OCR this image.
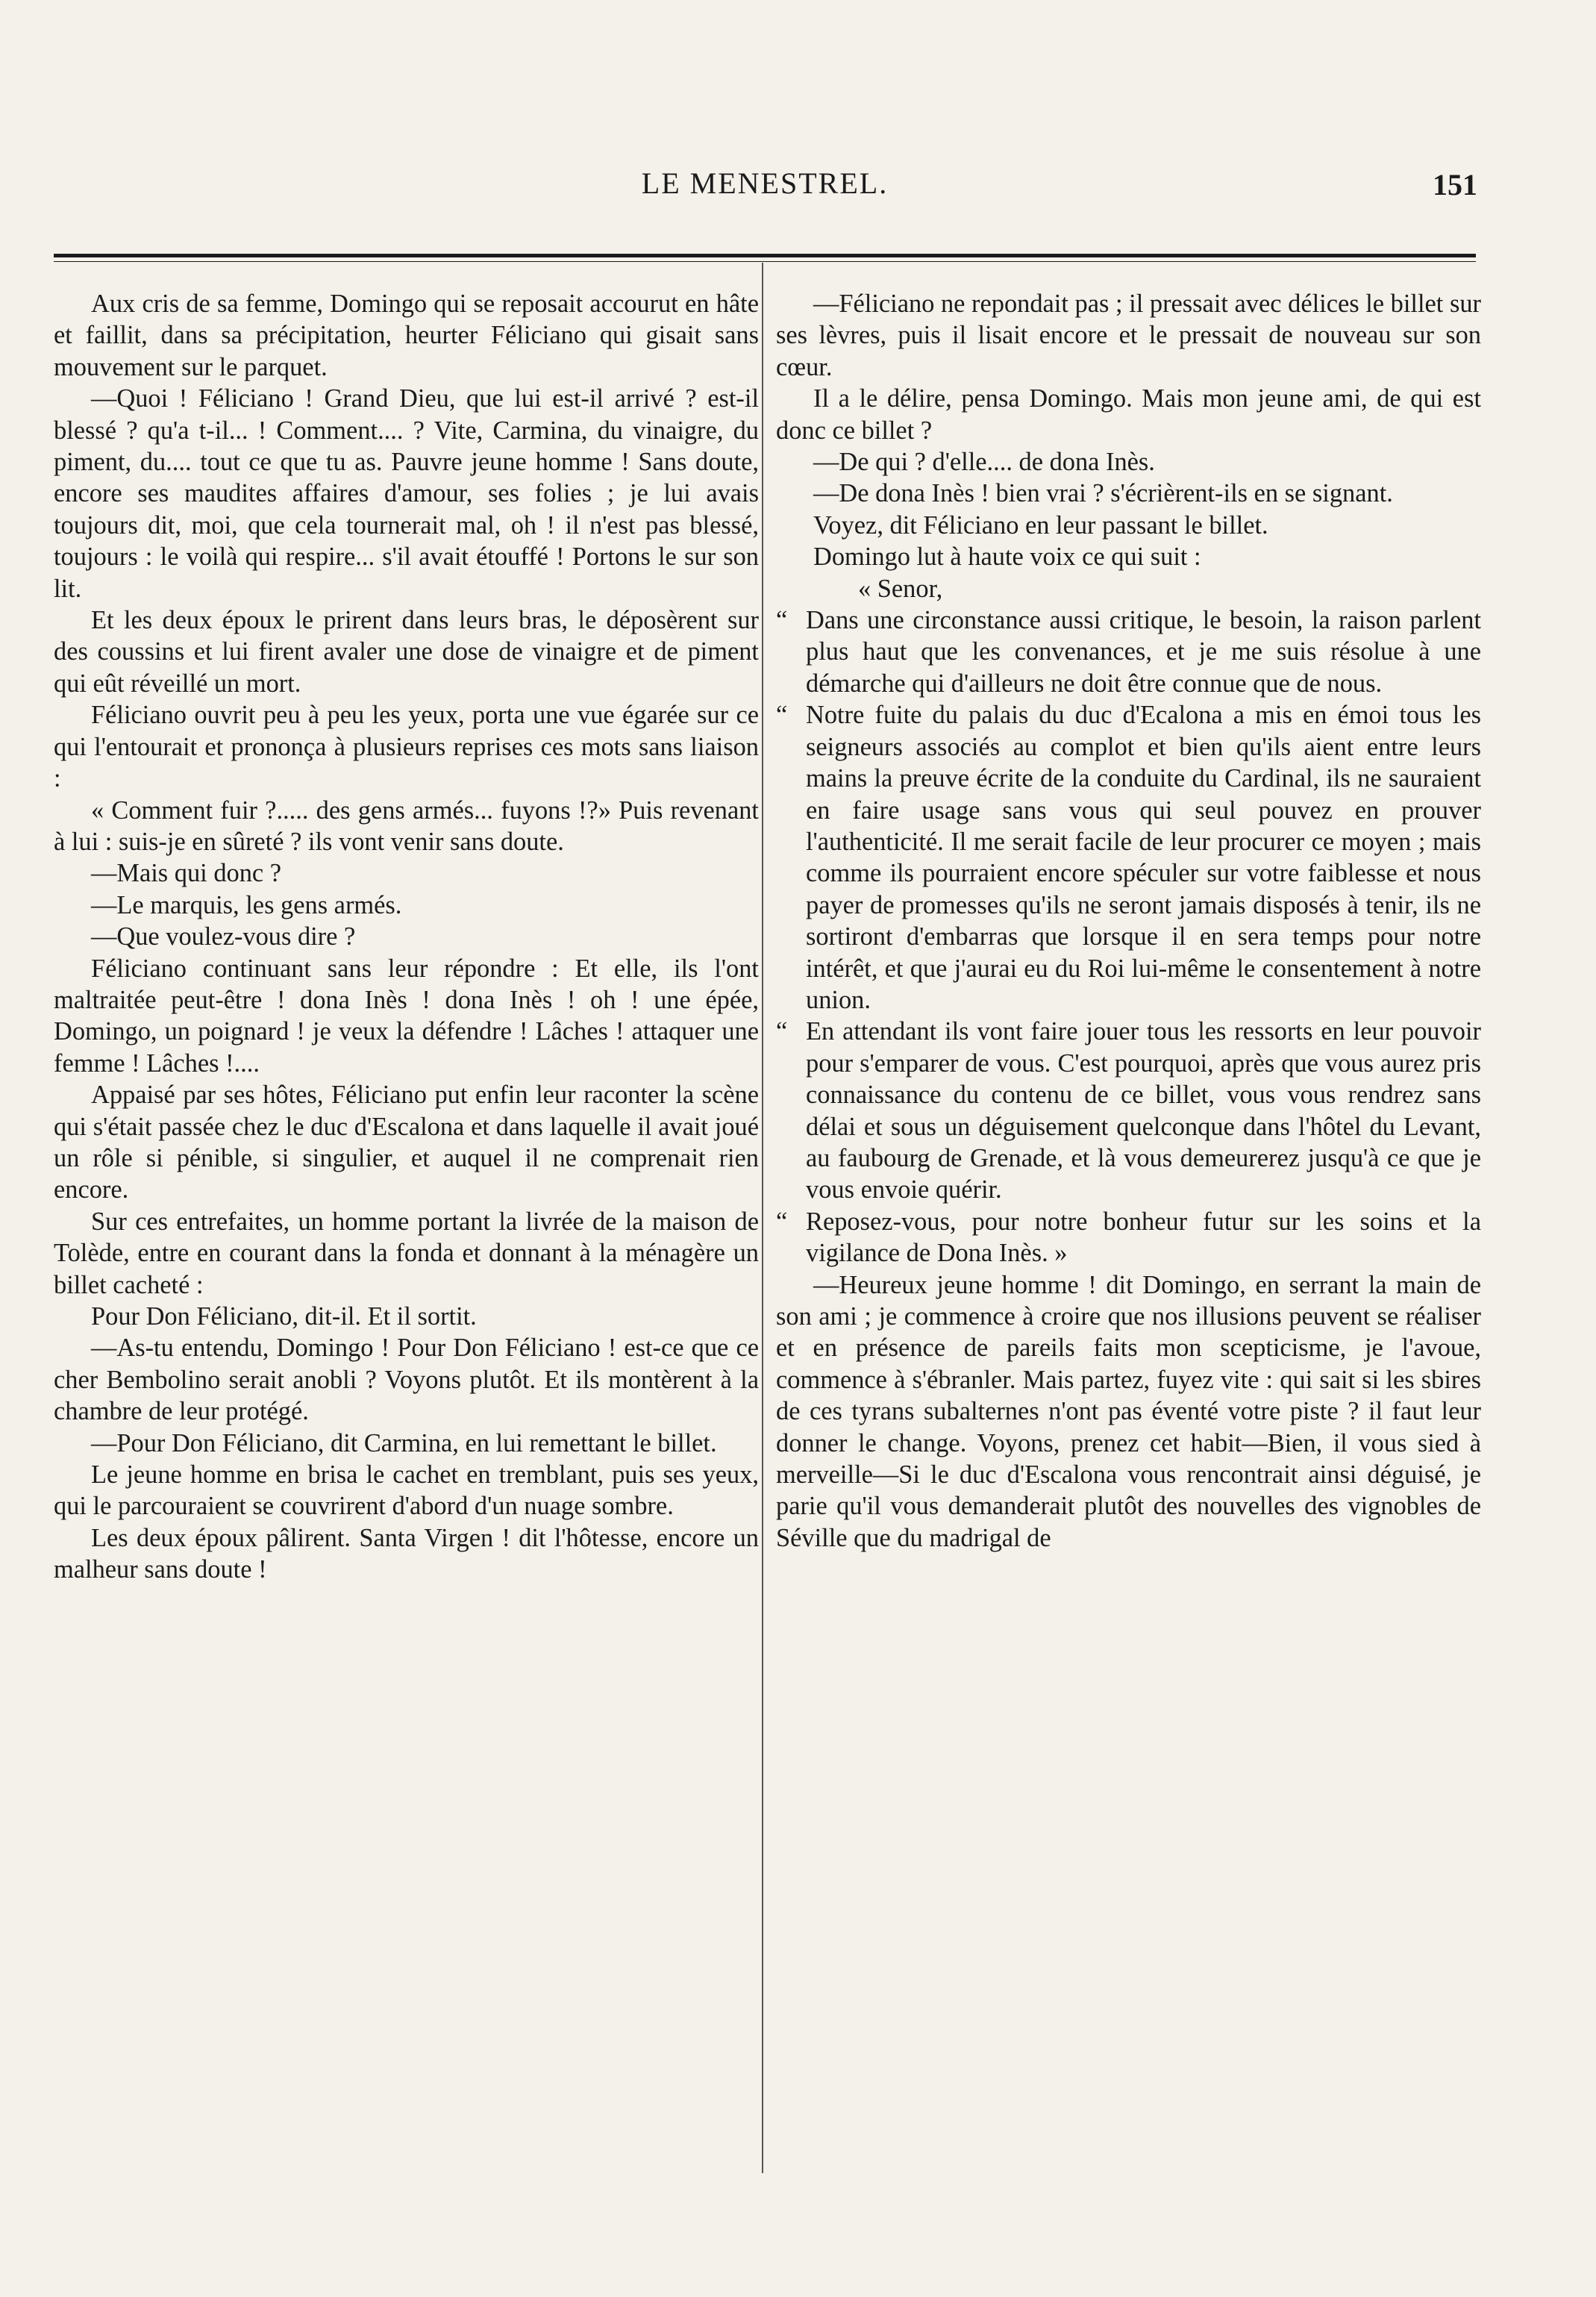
LE MENESTREL.	151

Aux cris de sa femme, Domingo qui se reposait accourut en hâte et faillit, dans sa précipitation, heurter Féliciano qui gisait sans mouvement sur le parquet.

—Quoi ! Féliciano ! Grand Dieu, que lui est-il arrivé ? est-il blessé ? qu'a t-il... ! Comment.... ? Vite, Carmina, du vinaigre, du piment, du.... tout ce que tu as. Pauvre jeune homme ! Sans doute, encore ses maudites affaires d'amour, ses folies ; je lui avais toujours dit, moi, que cela tournerait mal, oh ! il n'est pas blessé, toujours : le voilà qui respire... s'il avait étouffé ! Portons le sur son lit.

Et les deux époux le prirent dans leurs bras, le déposèrent sur des coussins et lui firent avaler une dose de vinaigre et de piment qui eût réveillé un mort.

Féliciano ouvrit peu à peu les yeux, porta une vue égarée sur ce qui l'entourait et prononça à plusieurs reprises ces mots sans liaison :

« Comment fuir ?..... des gens armés... fuyons !?» Puis revenant à lui : suis-je en sûreté ? ils vont venir sans doute.

—Mais qui donc ?

—Le marquis, les gens armés.

—Que voulez-vous dire ?

Féliciano continuant sans leur répondre : Et elle, ils l'ont maltraitée peut-être ! dona Inès ! dona Inès ! oh ! une épée, Domingo, un poignard ! je veux la défendre ! Lâches ! attaquer une femme ! Lâches !....

Appaisé par ses hôtes, Féliciano put enfin leur raconter la scène qui s'était passée chez le duc d'Escalona et dans laquelle il avait joué un rôle si pénible, si singulier, et auquel il ne comprenait rien encore.

Sur ces entrefaites, un homme portant la livrée de la maison de Tolède, entre en courant dans la fonda et donnant à la ménagère un billet cacheté :

Pour Don Féliciano, dit-il. Et il sortit.

—As-tu entendu, Domingo ! Pour Don Féliciano ! est-ce que ce cher Bembolino serait anobli ? Voyons plutôt. Et ils montèrent à la chambre de leur protégé.

—Pour Don Féliciano, dit Carmina, en lui remettant le billet.

Le jeune homme en brisa le cachet en tremblant, puis ses yeux, qui le parcouraient se couvrirent d'abord d'un nuage sombre.

Les deux époux pâlirent. Santa Virgen ! dit l'hôtesse, encore un malheur sans doute !

—Féliciano ne repondait pas ; il pressait avec délices le billet sur ses lèvres, puis il lisait encore et le pressait de nouveau sur son cœur.

Il a le délire, pensa Domingo. Mais mon jeune ami, de qui est donc ce billet ?

—De qui ? d'elle.... de dona Inès.

—De dona Inès ! bien vrai ? s'écrièrent-ils en se signant.

Voyez, dit Féliciano en leur passant le billet.

Domingo lut à haute voix ce qui suit :

« Senor,

“ Dans une circonstance aussi critique, le besoin, la raison parlent plus haut que les convenances, et je me suis résolue à une démarche qui d'ailleurs ne doit être connue que de nous.

“ Notre fuite du palais du duc d'Ecalona a mis en émoi tous les seigneurs associés au complot et bien qu'ils aient entre leurs mains la preuve écrite de la conduite du Cardinal, ils ne sauraient en faire usage sans vous qui seul pouvez en prouver l'authenticité. Il me serait facile de leur procurer ce moyen ; mais comme ils pourraient encore spéculer sur votre faiblesse et nous payer de promesses qu'ils ne seront jamais disposés à tenir, ils ne sortiront d'embarras que lorsque il en sera temps pour notre intérêt, et que j'aurai eu du Roi lui-même le consentement à notre union.

“ En attendant ils vont faire jouer tous les ressorts en leur pouvoir pour s'emparer de vous. C'est pourquoi, après que vous aurez pris connaissance du contenu de ce billet, vous vous rendrez sans délai et sous un déguisement quelconque dans l'hôtel du Levant, au faubourg de Grenade, et là vous demeurerez jusqu'à ce que je vous envoie quérir.

“ Reposez-vous, pour notre bonheur futur sur les soins et la vigilance de Dona Inès. »

—Heureux jeune homme ! dit Domingo, en serrant la main de son ami ; je commence à croire que nos illusions peuvent se réaliser et en présence de pareils faits mon scepticisme, je l'avoue, commence à s'ébranler. Mais partez, fuyez vite : qui sait si les sbires de ces tyrans subalternes n'ont pas éventé votre piste ? il faut leur donner le change. Voyons, prenez cet habit—Bien, il vous sied à merveille—Si le duc d'Escalona vous rencontrait ainsi déguisé, je parie qu'il vous demanderait plutôt des nouvelles des vignobles de Séville que du madrigal de
